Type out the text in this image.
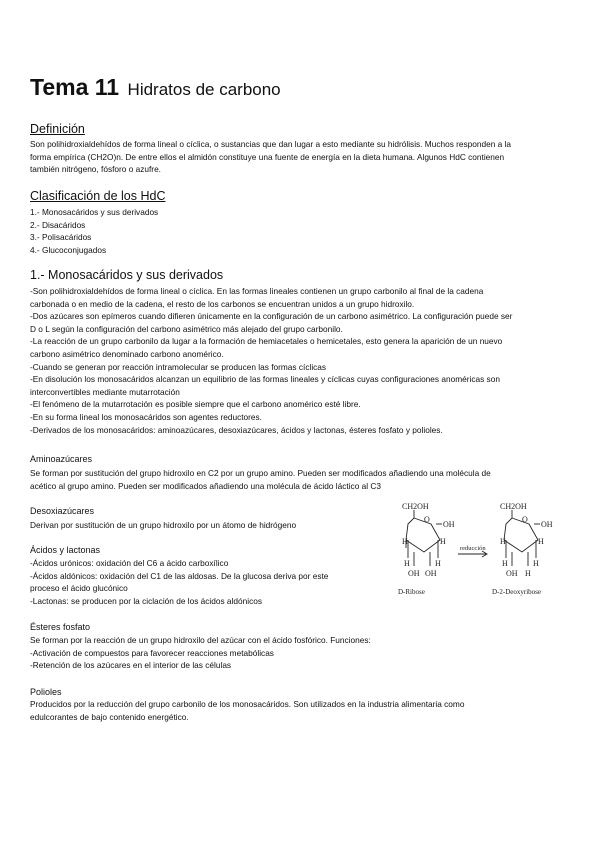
Tema 11 Hidratos de carbono
Definición
Son polihidroxialdehídos de forma lineal o cíclica, o sustancias que dan lugar a esto mediante su hidrólisis. Muchos responden a la
forma empírica (CH2O)n. De entre ellos el almidón constituye una fuente de energía en la dieta humana. Algunos HdC contienen
también nitrógeno, fósforo o azufre.
Clasificación de los HdC
1.- Monosacáridos y sus derivados
2.- Disacáridos
3.- Polisacáridos
4.- Glucoconjugados
1.- Monosacáridos y sus derivados
-Son polihidroxialdehídos de forma lineal o cíclica. En las formas lineales contienen un grupo carbonilo al final de la cadena
carbonada o en medio de la cadena, el resto de los carbonos se encuentran unidos a un grupo hidroxilo.
-Dos azúcares son epímeros cuando difieren únicamente en la configuración de un carbono asimétrico. La configuración puede ser
D o L según la configuración del carbono asimétrico más alejado del grupo carbonilo.
-La reacción de un grupo carbonilo da lugar a la formación de hemiacetales o hemicetales, esto genera la aparición de un nuevo
carbono asimétrico denominado carbono anomérico.
-Cuando se generan por reacción intramolecular se producen las formas cíclicas
-En disolución los monosacáridos alcanzan un equilibrio de las formas lineales y cíclicas cuyas configuraciones anoméricas son
interconvertibles mediante mutarrotación
-El fenómeno de la mutarrotación es posible siempre que el carbono anomérico esté libre.
-En su forma lineal los monosacáridos son agentes reductores.
-Derivados de los monosacáridos: aminoazúcares, desoxiazúcares, ácidos y lactonas, ésteres fosfato y polioles.
Aminoazúcares
Se forman por sustitución del grupo hidroxilo en C2 por un grupo amino. Pueden ser modificados añadiendo una molécula de
acético al grupo amino. Pueden ser modificados añadiendo una molécula de ácido láctico al C3
Desoxiazúcares
Derivan por sustitución de un grupo hidroxilo por un átomo de hidrógeno
Ácidos y lactonas
-Ácidos urónicos: oxidación del C6 a ácido carboxílico
-Ácidos aldónicos: oxidación del C1 de las aldosas. De la glucosa deriva por este
proceso el ácido glucónico
-Lactonas: se producen por la ciclación de los ácidos aldónicos
Ésteres fosfato
Se forman por la reacción de un grupo hidroxilo del azúcar con el ácido fosfórico. Funciones:
-Activación de compuestos para favorecer reacciones metabólicas
-Retención de los azúcares en el interior de las células
Polioles
Producidos por la reducción del grupo carbonilo de los monosacáridos. Son utilizados en la industria alimentaria como
edulcorantes de bajo contenido energético.
CH2OH
O
OH
H	H
H	H
OH OH
reducción
CH2OH
O
OH
H	H
H	H
OH H
D-Ribose	D-2-Deoxyribose
